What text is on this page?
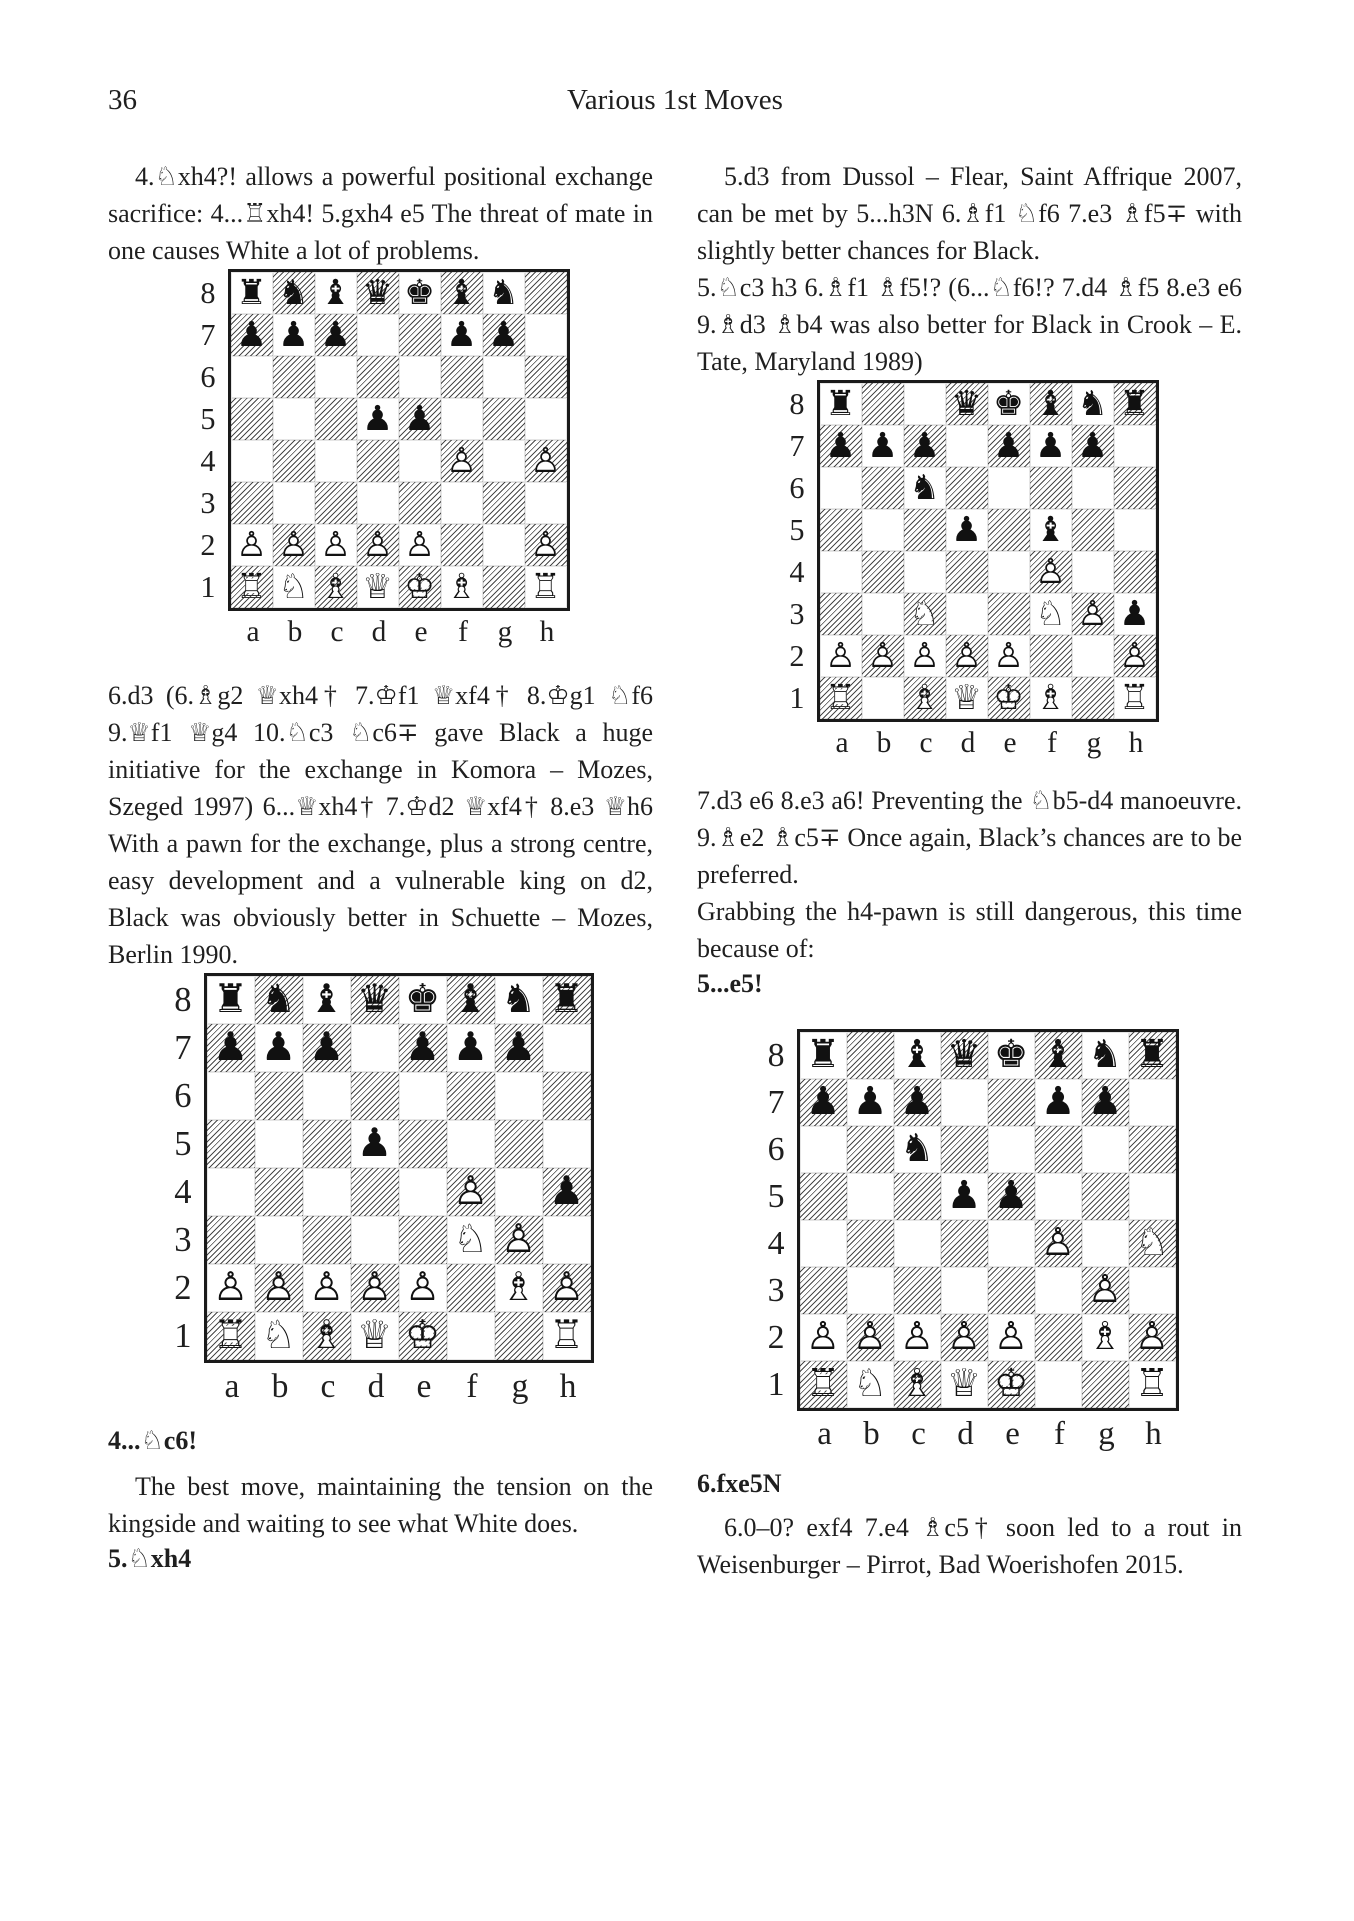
36	Various 1st Moves

4.♘xh4?! allows a powerful positional exchange sacrifice: 4...♖xh4! 5.gxh4 e5 The threat of mate in one causes White a lot of problems.

8
7
6
5
4
3
2
1
♜ ♞ ♝ ♛ ♚ ♝ ♞
♟ ♟ ♟	♟ ♟
♟ ♟
♟ ♙ ♟ ♙
♟ ♙ ♟ ♙ ♟ ♙ ♟ ♙ ♟ ♙	♟ ♙
♜ ♖ ♞ ♘ ♝ ♗ ♛ ♕ ♚ ♔ ♝ ♗ ♜ ♖
a b c d e	f	g h

6.d3 (6.♗g2 ♕xh4† 7.♔f1 ♕xf4† 8.♔g1 ♘f6 9.♕f1 ♕g4 10.♘c3 ♘c6∓ gave Black a huge initiative for the exchange in Komora – Mozes, Szeged 1997) 6...♕xh4† 7.♔d2 ♕xf4† 8.e3 ♕h6 With a pawn for the exchange, plus a strong centre, easy development and a vulnerable king on d2, Black was obviously better in Schuette – Mozes, Berlin 1990.

8
7
6
5
4
3
2
1
♜ ♞ ♝ ♛ ♚ ♝ ♞ ♜
♟ ♟ ♟ ♟ ♟ ♟
♟
♟ ♙ ♟
♞ ♘ ♟ ♙
♟ ♙ ♟ ♙ ♟ ♙ ♟ ♙ ♟ ♙ ♝ ♗ ♟ ♙
♜ ♖ ♞ ♘ ♝ ♗ ♛ ♕ ♚ ♔	♜ ♖
a b c d e	f	g h
4...♘c6!

The best move, maintaining the tension on the kingside and waiting to see what White does.

5.♘xh4

5.d3 from Dussol – Flear, Saint Affrique 2007, can be met by 5...h3N 6.♗f1 ♘f6 7.e3 ♗f5∓ with slightly better chances for Black.

5.♘c3 h3 6.♗f1 ♗f5!? (6...♘f6!? 7.d4 ♗f5 8.e3 e6 9.♗d3 ♗b4 was also better for Black in Crook – E. Tate, Maryland 1989)

8
7
6
5
4
3
2
1
♜	♛ ♚ ♝ ♞ ♜
♟ ♟ ♟ ♟ ♟ ♟
♞
♟ ♝
♟ ♙
♞ ♘	♞ ♘ ♟ ♙ ♟
♟ ♙ ♟ ♙ ♟ ♙ ♟ ♙ ♟ ♙	♟ ♙
♜ ♖ ♝ ♗ ♛ ♕ ♚ ♔ ♝ ♗ ♜ ♖
a b c d e	f	g h

7.d3 e6 8.e3 a6! Preventing the ♘b5-d4 manoeuvre. 9.♗e2 ♗c5∓ Once again, Black’s chances are to be preferred.

Grabbing the h4-pawn is still dangerous, this time because of:

5...e5!
8
7
6
5
4
3
2
1
♜ ♝ ♛ ♚ ♝ ♞ ♜
♟ ♟ ♟	♟ ♟
♞
♟ ♟
♟ ♙ ♞ ♘
♟ ♙
♟ ♙ ♟ ♙ ♟ ♙ ♟ ♙ ♟ ♙ ♝ ♗ ♟ ♙
♜ ♖ ♞ ♘ ♝ ♗ ♛ ♕ ♚ ♔	♜ ♖
a b c d e	f	g h
6.fxe5N

6.0–0? exf4 7.e4 ♗c5† soon led to a rout in Weisenburger – Pirrot, Bad Woerishofen 2015.
